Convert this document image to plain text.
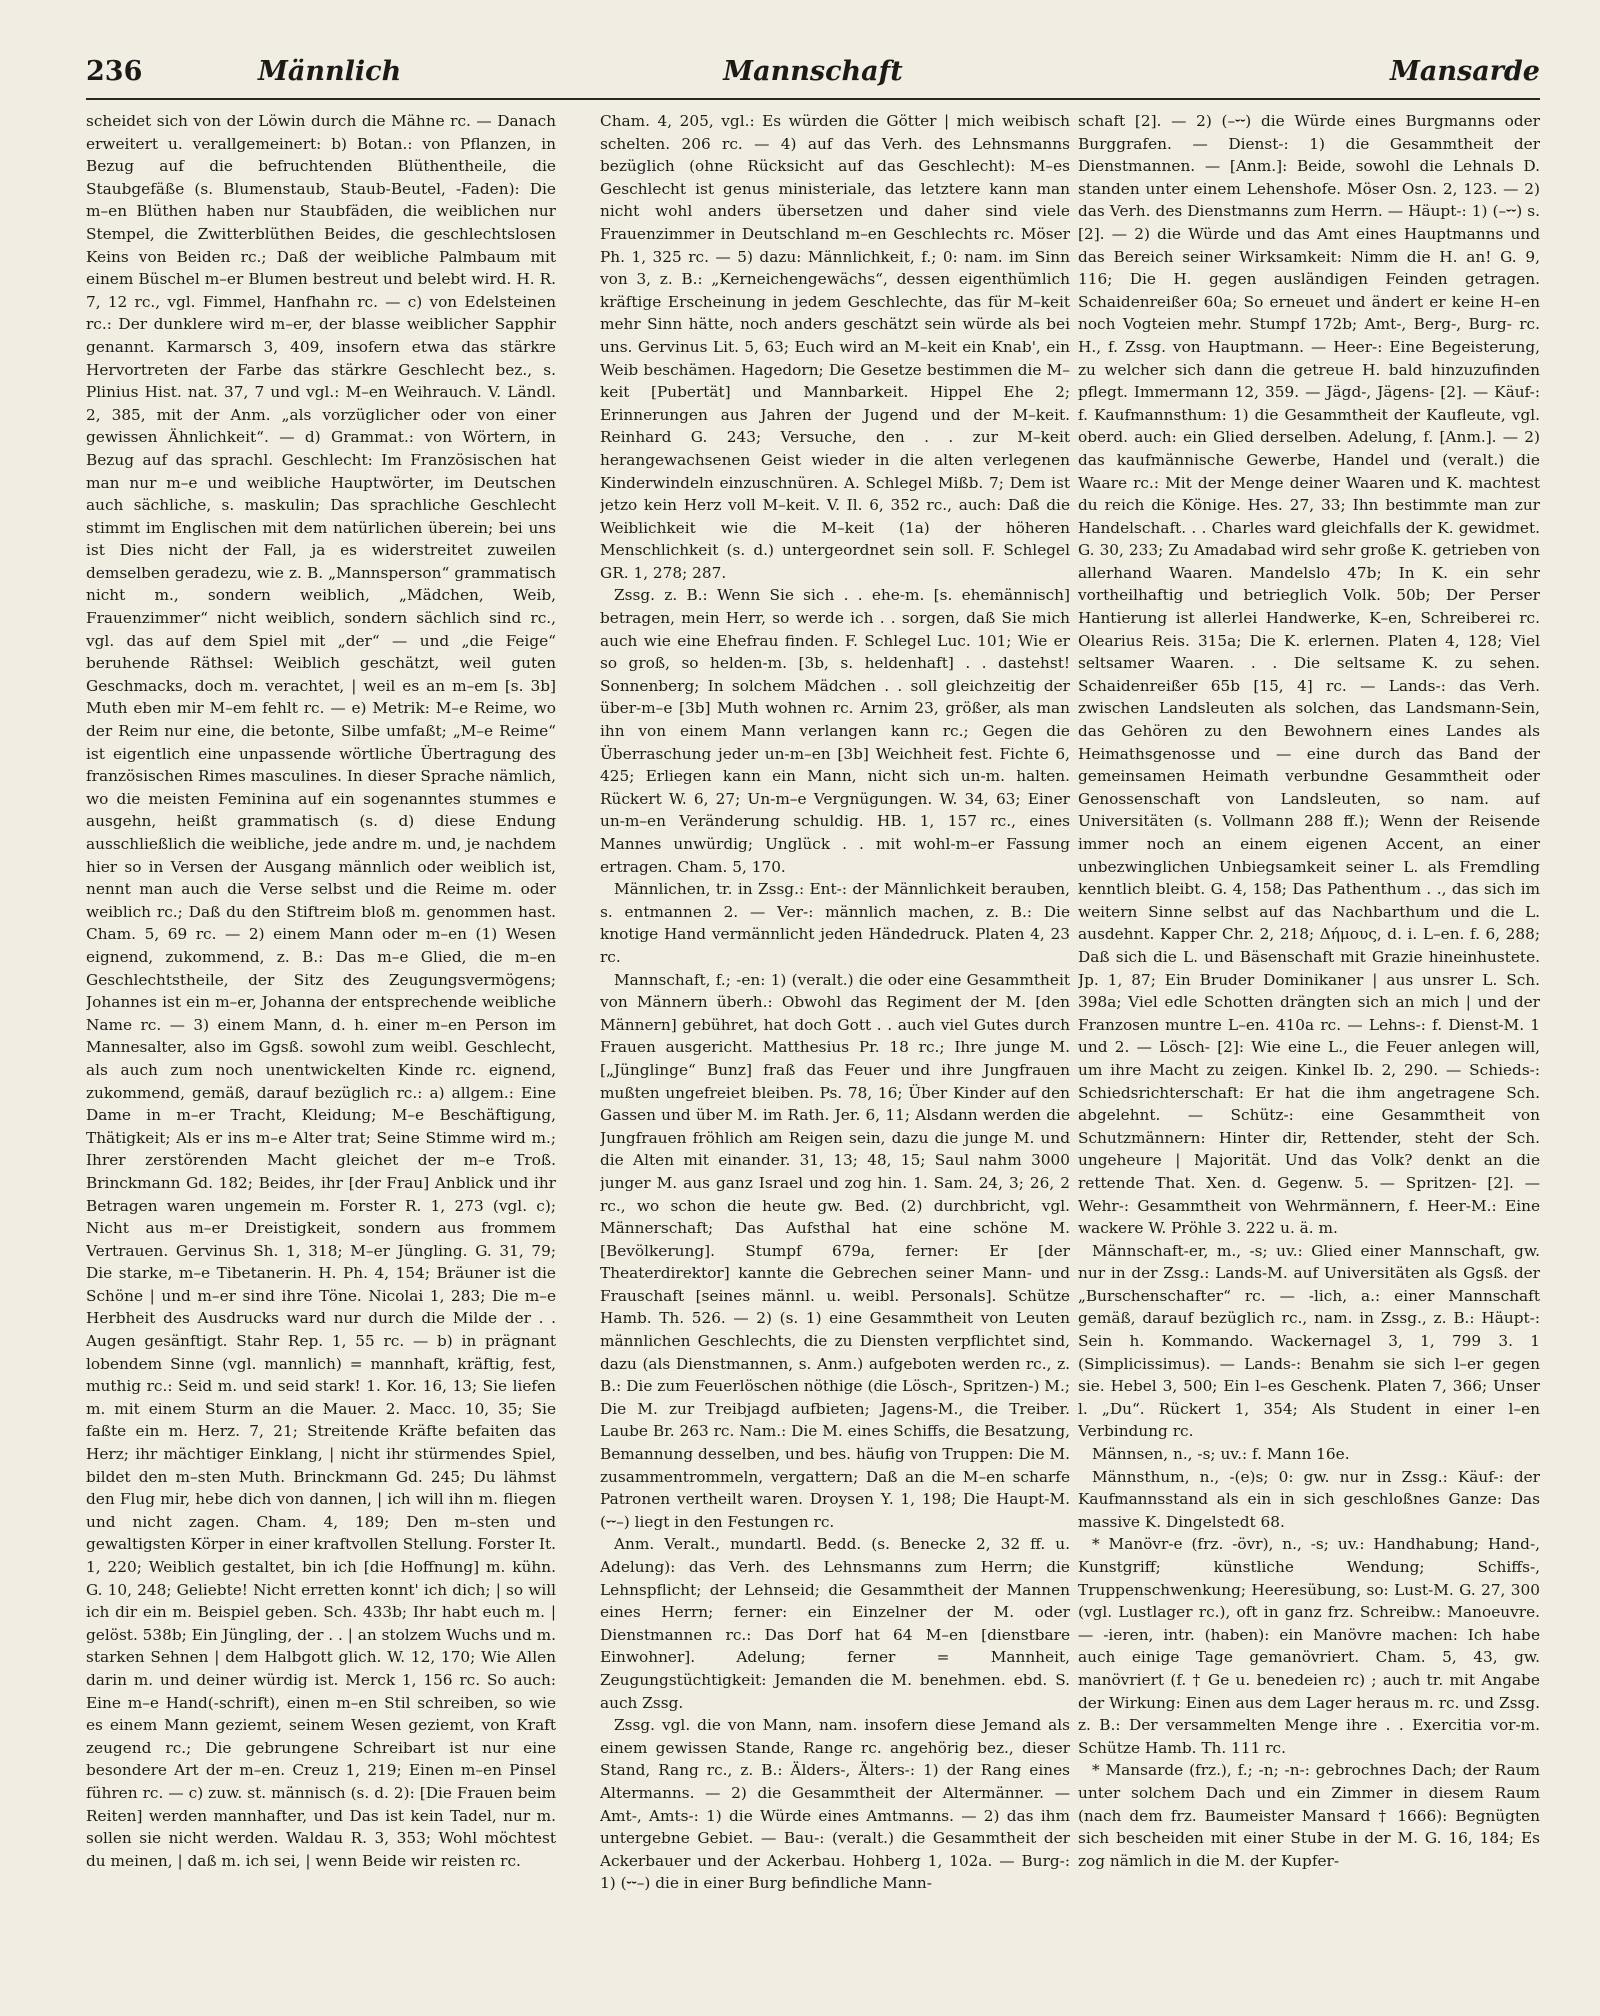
236	Männlich	Mannschaft	Mansarde

scheidet sich von der Löwin durch die Mähne rc. — Danach erweitert u. verallgemeinert: b) Botan.: von Pflanzen, in Bezug auf die befruchtenden Blüthentheile, die Staubgefäße (s. Blumenstaub, Staub-Beutel, -Faden): Die m–en Blüthen haben nur Staubfäden, die weiblichen nur Stempel, die Zwitterblüthen Beides, die geschlechtslosen Keins von Beiden rc.; Daß der weibliche Palmbaum mit einem Büschel m–er Blumen bestreut und belebt wird. H. R. 7, 12 rc., vgl. Fimmel, Hanfhahn rc. — c) von Edelsteinen rc.: Der dunklere wird m–er, der blasse weiblicher Sapphir genannt. Karmarsch 3, 409, insofern etwa das stärkre Hervortreten der Farbe das stärkre Geschlecht bez., s. Plinius Hist. nat. 37, 7 und vgl.: M–en Weihrauch. V. Ländl. 2, 385, mit der Anm. „als vorzüglicher oder von einer gewissen Ähnlichkeit“. — d) Grammat.: von Wörtern, in Bezug auf das sprachl. Geschlecht: Im Französischen hat man nur m–e und weibliche Hauptwörter, im Deutschen auch sächliche, s. maskulin; Das sprachliche Geschlecht stimmt im Englischen mit dem natürlichen überein; bei uns ist Dies nicht der Fall, ja es widerstreitet zuweilen demselben geradezu, wie z. B. „Mannsperson“ grammatisch nicht m., sondern weiblich, „Mädchen, Weib, Frauenzimmer“ nicht weiblich, sondern sächlich sind rc., vgl. das auf dem Spiel mit „der“ — und „die Feige“ beruhende Räthsel: Weiblich geschätzt, weil guten Geschmacks, doch m. verachtet, | weil es an m–em [s. 3b] Muth eben mir M–em fehlt rc. — e) Metrik: M–e Reime, wo der Reim nur eine, die betonte, Silbe umfaßt; „M–e Reime“ ist eigentlich eine unpassende wörtliche Übertragung des französischen Rimes masculines. In dieser Sprache nämlich, wo die meisten Feminina auf ein sogenanntes stummes e ausgehn, heißt grammatisch (s. d) diese Endung ausschließlich die weibliche, jede andre m. und, je nachdem hier so in Versen der Ausgang männlich oder weiblich ist, nennt man auch die Verse selbst und die Reime m. oder weiblich rc.; Daß du den Stiftreim bloß m. genommen hast. Cham. 5, 69 rc. — 2) einem Mann oder m–en (1) Wesen eignend, zukommend, z. B.: Das m–e Glied, die m–en Geschlechtstheile, der Sitz des Zeugungsvermögens; Johannes ist ein m–er, Johanna der entsprechende weibliche Name rc. — 3) einem Mann, d. h. einer m–en Person im Mannesalter, also im Ggsß. sowohl zum weibl. Geschlecht, als auch zum noch unentwickelten Kinde rc. eignend, zukommend, gemäß, darauf bezüglich rc.: a) allgem.: Eine Dame in m–er Tracht, Kleidung; M–e Beschäftigung, Thätigkeit; Als er ins m–e Alter trat; Seine Stimme wird m.; Ihrer zerstörenden Macht gleichet der m–e Troß. Brinckmann Gd. 182; Beides, ihr [der Frau] Anblick und ihr Betragen waren ungemein m. Forster R. 1, 273 (vgl. c); Nicht aus m–er Dreistigkeit, sondern aus frommem Vertrauen. Gervinus Sh. 1, 318; M–er Jüngling. G. 31, 79; Die starke, m–e Tibetanerin. H. Ph. 4, 154; Bräuner ist die Schöne | und m–er sind ihre Töne. Nicolai 1, 283; Die m–e Herbheit des Ausdrucks ward nur durch die Milde der . . Augen gesänftigt. Stahr Rep. 1, 55 rc. — b) in prägnant lobendem Sinne (vgl. mannlich) = mannhaft, kräftig, fest, muthig rc.: Seid m. und seid stark! 1. Kor. 16, 13; Sie liefen m. mit einem Sturm an die Mauer. 2. Macc. 10, 35; Sie faßte ein m. Herz. 7, 21; Streitende Kräfte befaiten das Herz; ihr mächtiger Einklang, | nicht ihr stürmendes Spiel, bildet den m–sten Muth. Brinckmann Gd. 245; Du lähmst den Flug mir, hebe dich von dannen, | ich will ihn m. fliegen und nicht zagen. Cham. 4, 189; Den m–sten und gewaltigsten Körper in einer kraftvollen Stellung. Forster It. 1, 220; Weiblich gestaltet, bin ich [die Hoffnung] m. kühn. G. 10, 248; Geliebte! Nicht erretten konnt' ich dich; | so will ich dir ein m. Beispiel geben. Sch. 433b; Ihr habt euch m. | gelöst. 538b; Ein Jüngling, der . . | an stolzem Wuchs und m. starken Sehnen | dem Halbgott glich. W. 12, 170; Wie Allen darin m. und deiner würdig ist. Merck 1, 156 rc. So auch: Eine m–e Hand(-schrift), einen m–en Stil schreiben, so wie es einem Mann geziemt, seinem Wesen geziemt, von Kraft zeugend rc.; Die gebrungene Schreibart ist nur eine besondere Art der m–en. Creuz 1, 219; Einen m–en Pinsel führen rc. — c) zuw. st. männisch (s. d. 2): [Die Frauen beim Reiten] werden mannhafter, und Das ist kein Tadel, nur m. sollen sie nicht werden. Waldau R. 3, 353; Wohl möchtest du meinen, | daß m. ich sei, | wenn Beide wir reisten rc.

Cham. 4, 205, vgl.: Es würden die Götter | mich weibisch schelten. 206 rc. — 4) auf das Verh. des Lehnsmanns bezüglich (ohne Rücksicht auf das Geschlecht): M–es Geschlecht ist genus ministeriale, das letztere kann man nicht wohl anders übersetzen und daher sind viele Frauenzimmer in Deutschland m–en Geschlechts rc. Möser Ph. 1, 325 rc. — 5) dazu: Männlichkeit, f.; 0: nam. im Sinn von 3, z. B.: „Kerneichengewächs“, dessen eigenthümlich kräftige Erscheinung in jedem Geschlechte, das für M–keit mehr Sinn hätte, noch anders geschätzt sein würde als bei uns. Gervinus Lit. 5, 63; Euch wird an M–keit ein Knab', ein Weib beschämen. Hagedorn; Die Gesetze bestimmen die M–keit [Pubertät] und Mannbarkeit. Hippel Ehe 2; Erinnerungen aus Jahren der Jugend und der M–keit. Reinhard G. 243; Versuche, den . . zur M–keit herangewachsenen Geist wieder in die alten verlegenen Kinderwindeln einzuschnüren. A. Schlegel Mißb. 7; Dem ist jetzo kein Herz voll M–keit. V. Il. 6, 352 rc., auch: Daß die Weiblichkeit wie die M–keit (1a) der höheren Menschlichkeit (s. d.) untergeordnet sein soll. F. Schlegel GR. 1, 278; 287.

Zssg. z. B.: Wenn Sie sich . . ehe-m. [s. ehemännisch] betragen, mein Herr, so werde ich . . sorgen, daß Sie mich auch wie eine Ehefrau finden. F. Schlegel Luc. 101; Wie er so groß, so helden-m. [3b, s. heldenhaft] . . dastehst! Sonnenberg; In solchem Mädchen . . soll gleichzeitig der über-m–e [3b] Muth wohnen rc. Arnim 23, größer, als man ihn von einem Mann verlangen kann rc.; Gegen die Überraschung jeder un-m–en [3b] Weichheit fest. Fichte 6, 425; Erliegen kann ein Mann, nicht sich un-m. halten. Rückert W. 6, 27; Un-m–e Vergnügungen. W. 34, 63; Einer un-m–en Veränderung schuldig. HB. 1, 157 rc., eines Mannes unwürdig; Unglück . . mit wohl-m–er Fassung ertragen. Cham. 5, 170.

Männlichen, tr. in Zssg.: Ent-: der Männlichkeit berauben, s. entmannen 2. — Ver-: männlich machen, z. B.: Die knotige Hand vermännlicht jeden Händedruck. Platen 4, 23 rc.

Mannschaft, f.; -en: 1) (veralt.) die oder eine Gesammtheit von Männern überh.: Obwohl das Regiment der M. [den Männern] gebühret, hat doch Gott . . auch viel Gutes durch Frauen ausgericht. Matthesius Pr. 18 rc.; Ihre junge M. [„Jünglinge“ Bunz] fraß das Feuer und ihre Jungfrauen mußten ungefreiet bleiben. Ps. 78, 16; Über Kinder auf den Gassen und über M. im Rath. Jer. 6, 11; Alsdann werden die Jungfrauen fröhlich am Reigen sein, dazu die junge M. und die Alten mit einander. 31, 13; 48, 15; Saul nahm 3000 junger M. aus ganz Israel und zog hin. 1. Sam. 24, 3; 26, 2 rc., wo schon die heute gw. Bed. (2) durchbricht, vgl. Männerschaft; Das Aufsthal hat eine schöne M. [Bevölkerung]. Stumpf 679a, ferner: Er [der Theaterdirektor] kannte die Gebrechen seiner Mann- und Frauschaft [seines männl. u. weibl. Personals]. Schütze Hamb. Th. 526. — 2) (s. 1) eine Gesammtheit von Leuten männlichen Geschlechts, die zu Diensten verpflichtet sind, dazu (als Dienstmannen, s. Anm.) aufgeboten werden rc., z. B.: Die zum Feuerlöschen nöthige (die Lösch-, Spritzen-) M.; Die M. zur Treibjagd aufbieten; Jagens-M., die Treiber. Laube Br. 263 rc. Nam.: Die M. eines Schiffs, die Besatzung, Bemannung desselben, und bes. häufig von Truppen: Die M. zusammentrommeln, vergattern; Daß an die M–en scharfe Patronen vertheilt waren. Droysen Y. 1, 198; Die Haupt-M. (⏑⏑–) liegt in den Festungen rc.

Anm. Veralt., mundartl. Bedd. (s. Benecke 2, 32 ff. u. Adelung): das Verh. des Lehnsmanns zum Herrn; die Lehnspflicht; der Lehnseid; die Gesammtheit der Mannen eines Herrn; ferner: ein Einzelner der M. oder Dienstmannen rc.: Das Dorf hat 64 M–en [dienstbare Einwohner]. Adelung; ferner = Mannheit, Zeugungstüchtigkeit: Jemanden die M. benehmen. ebd. S. auch Zssg.

Zssg. vgl. die von Mann, nam. insofern diese Jemand als einem gewissen Stande, Range rc. angehörig bez., dieser Stand, Rang rc., z. B.: Älders-, Älters-: 1) der Rang eines Altermanns. — 2) die Gesammtheit der Altermänner. — Amt-, Amts-: 1) die Würde eines Amtmanns. — 2) das ihm untergebne Gebiet. — Bau-: (veralt.) die Gesammtheit der Ackerbauer und der Ackerbau. Hohberg 1, 102a. — Burg-: 1) (⏑⏑–) die in einer Burg befindliche Mann-

schaft [2]. — 2) (–⏑⏑) die Würde eines Burgmanns oder Burggrafen. — Dienst-: 1) die Gesammtheit der Dienstmannen. — [Anm.]: Beide, sowohl die Lehnals D. standen unter einem Lehenshofe. Möser Osn. 2, 123. — 2) das Verh. des Dienstmanns zum Herrn. — Häupt-: 1) (–⏑⏑) s. [2]. — 2) die Würde und das Amt eines Hauptmanns und das Bereich seiner Wirksamkeit: Nimm die H. an! G. 9, 116; Die H. gegen ausländigen Feinden getragen. Schaidenreißer 60a; So erneuet und ändert er keine H–en noch Vogteien mehr. Stumpf 172b; Amt-, Berg-, Burg- rc. H., f. Zssg. von Hauptmann. — Heer-: Eine Begeisterung, zu welcher sich dann die getreue H. bald hinzuzufinden pflegt. Immermann 12, 359. — Jägd-, Jägens- [2]. — Käuf-: f. Kaufmannsthum: 1) die Gesammtheit der Kaufleute, vgl. oberd. auch: ein Glied derselben. Adelung, f. [Anm.]. — 2) das kaufmännische Gewerbe, Handel und (veralt.) die Waare rc.: Mit der Menge deiner Waaren und K. machtest du reich die Könige. Hes. 27, 33; Ihn bestimmte man zur Handelschaft. . . Charles ward gleichfalls der K. gewidmet. G. 30, 233; Zu Amadabad wird sehr große K. getrieben von allerhand Waaren. Mandelslo 47b; In K. ein sehr vortheilhaftig und betrieglich Volk. 50b; Der Perser Hantierung ist allerlei Handwerke, K–en, Schreiberei rc. Olearius Reis. 315a; Die K. erlernen. Platen 4, 128; Viel seltsamer Waaren. . . Die seltsame K. zu sehen. Schaidenreißer 65b [15, 4] rc. — Lands-: das Verh. zwischen Landsleuten als solchen, das Landsmann-Sein, das Gehören zu den Bewohnern eines Landes als Heimathsgenosse und — eine durch das Band der gemeinsamen Heimath verbundne Gesammtheit oder Genossenschaft von Landsleuten, so nam. auf Universitäten (s. Vollmann 288 ff.); Wenn der Reisende immer noch an einem eigenen Accent, an einer unbezwinglichen Unbiegsamkeit seiner L. als Fremdling kenntlich bleibt. G. 4, 158; Das Pathenthum . ., das sich im weitern Sinne selbst auf das Nachbarthum und die L. ausdehnt. Kapper Chr. 2, 218; Δήμους, d. i. L–en. f. 6, 288; Daß sich die L. und Bäsenschaft mit Grazie hineinhustete. Jp. 1, 87; Ein Bruder Dominikaner | aus unsrer L. Sch. 398a; Viel edle Schotten drängten sich an mich | und der Franzosen muntre L–en. 410a rc. — Lehns-: f. Dienst-M. 1 und 2. — Lösch- [2]: Wie eine L., die Feuer anlegen will, um ihre Macht zu zeigen. Kinkel Ib. 2, 290. — Schieds-: Schiedsrichterschaft: Er hat die ihm angetragene Sch. abgelehnt. — Schütz-: eine Gesammtheit von Schutzmännern: Hinter dir, Rettender, steht der Sch. ungeheure | Majorität. Und das Volk? denkt an die rettende That. Xen. d. Gegenw. 5. — Spritzen- [2]. — Wehr-: Gesammtheit von Wehrmännern, f. Heer-M.: Eine wackere W. Pröhle 3. 222 u. ä. m.

Männschaft-er, m., -s; uv.: Glied einer Mannschaft, gw. nur in der Zssg.: Lands-M. auf Universitäten als Ggsß. der „Burschenschafter“ rc. — -lich, a.: einer Mannschaft gemäß, darauf bezüglich rc., nam. in Zssg., z. B.: Häupt-: Sein h. Kommando. Wackernagel 3, 1, 799 3. 1 (Simplicissimus). — Lands-: Benahm sie sich l–er gegen sie. Hebel 3, 500; Ein l–es Geschenk. Platen 7, 366; Unser l. „Du“. Rückert 1, 354; Als Student in einer l–en Verbindung rc.

Männsen, n., -s; uv.: f. Mann 16e.

Männsthum, n., -(e)s; 0: gw. nur in Zssg.: Käuf-: der Kaufmannsstand als ein in sich geschloßnes Ganze: Das massive K. Dingelstedt 68.

* Manövr-e (frz. -övr), n., -s; uv.: Handhabung; Hand-, Kunstgriff; künstliche Wendung; Schiffs-, Truppenschwenkung; Heeresübung, so: Lust-M. G. 27, 300 (vgl. Lustlager rc.), oft in ganz frz. Schreibw.: Manoeuvre. — -ieren, intr. (haben): ein Manövre machen: Ich habe auch einige Tage gemanövriert. Cham. 5, 43, gw. manövriert (f. † Ge u. benedeien rc) ; auch tr. mit Angabe der Wirkung: Einen aus dem Lager heraus m. rc. und Zssg. z. B.: Der versammelten Menge ihre . . Exercitia vor-m. Schütze Hamb. Th. 111 rc.

* Mansarde (frz.), f.; -n; -n-: gebrochnes Dach; der Raum unter solchem Dach und ein Zimmer in diesem Raum (nach dem frz. Baumeister Mansard † 1666): Begnügten sich bescheiden mit einer Stube in der M. G. 16, 184; Es zog nämlich in die M. der Kupfer-
